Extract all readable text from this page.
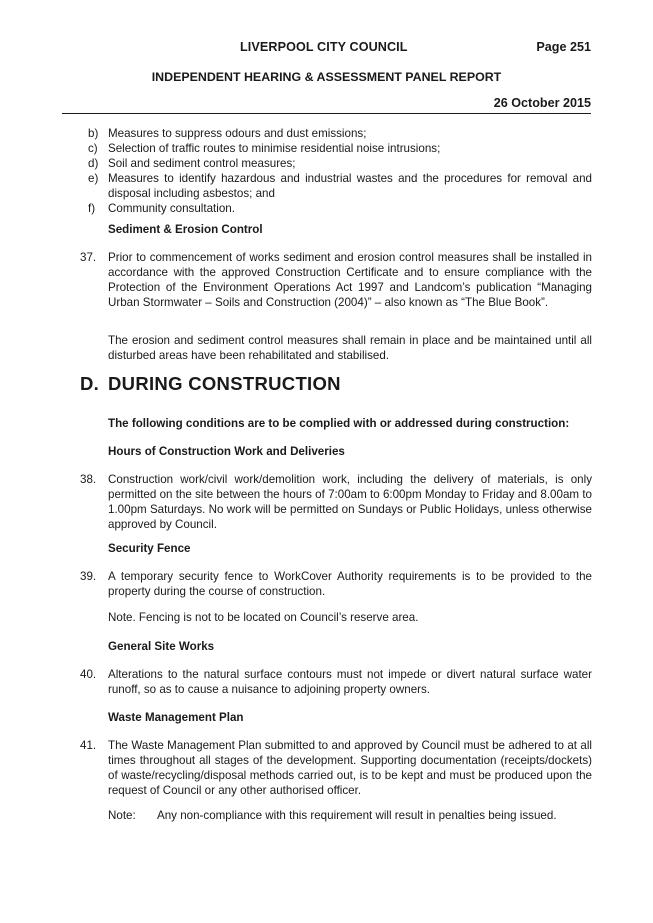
LIVERPOOL CITY COUNCIL	Page 251
INDEPENDENT HEARING & ASSESSMENT PANEL REPORT
26 October 2015
b) Measures to suppress odours and dust emissions;
c) Selection of traffic routes to minimise residential noise intrusions;
d) Soil and sediment control measures;
e) Measures to identify hazardous and industrial wastes and the procedures for removal and disposal including asbestos; and
f)	Community consultation.
Sediment & Erosion Control
37. Prior to commencement of works sediment and erosion control measures shall be installed in accordance with the approved Construction Certificate and to ensure compliance with the Protection of the Environment Operations Act 1997 and Landcom’s publication “Managing Urban Stormwater – Soils and Construction (2004)” – also known as “The Blue Book”.
The erosion and sediment control measures shall remain in place and be maintained until all disturbed areas have been rehabilitated and stabilised.
D. DURING CONSTRUCTION
The following conditions are to be complied with or addressed during construction:
Hours of Construction Work and Deliveries
38. Construction work/civil work/demolition work, including the delivery of materials, is only permitted on the site between the hours of 7:00am to 6:00pm Monday to Friday and 8.00am to 1.00pm Saturdays. No work will be permitted on Sundays or Public Holidays, unless otherwise approved by Council.
Security Fence
39. A temporary security fence to WorkCover Authority requirements is to be provided to the property during the course of construction.
Note. Fencing is not to be located on Council’s reserve area.
General Site Works
40. Alterations to the natural surface contours must not impede or divert natural surface water runoff, so as to cause a nuisance to adjoining property owners.
Waste Management Plan
41. The Waste Management Plan submitted to and approved by Council must be adhered to at all times throughout all stages of the development. Supporting documentation (receipts/dockets) of waste/recycling/disposal methods carried out, is to be kept and must be produced upon the request of Council or any other authorised officer.
Note:	Any non-compliance with this requirement will result in penalties being issued.
